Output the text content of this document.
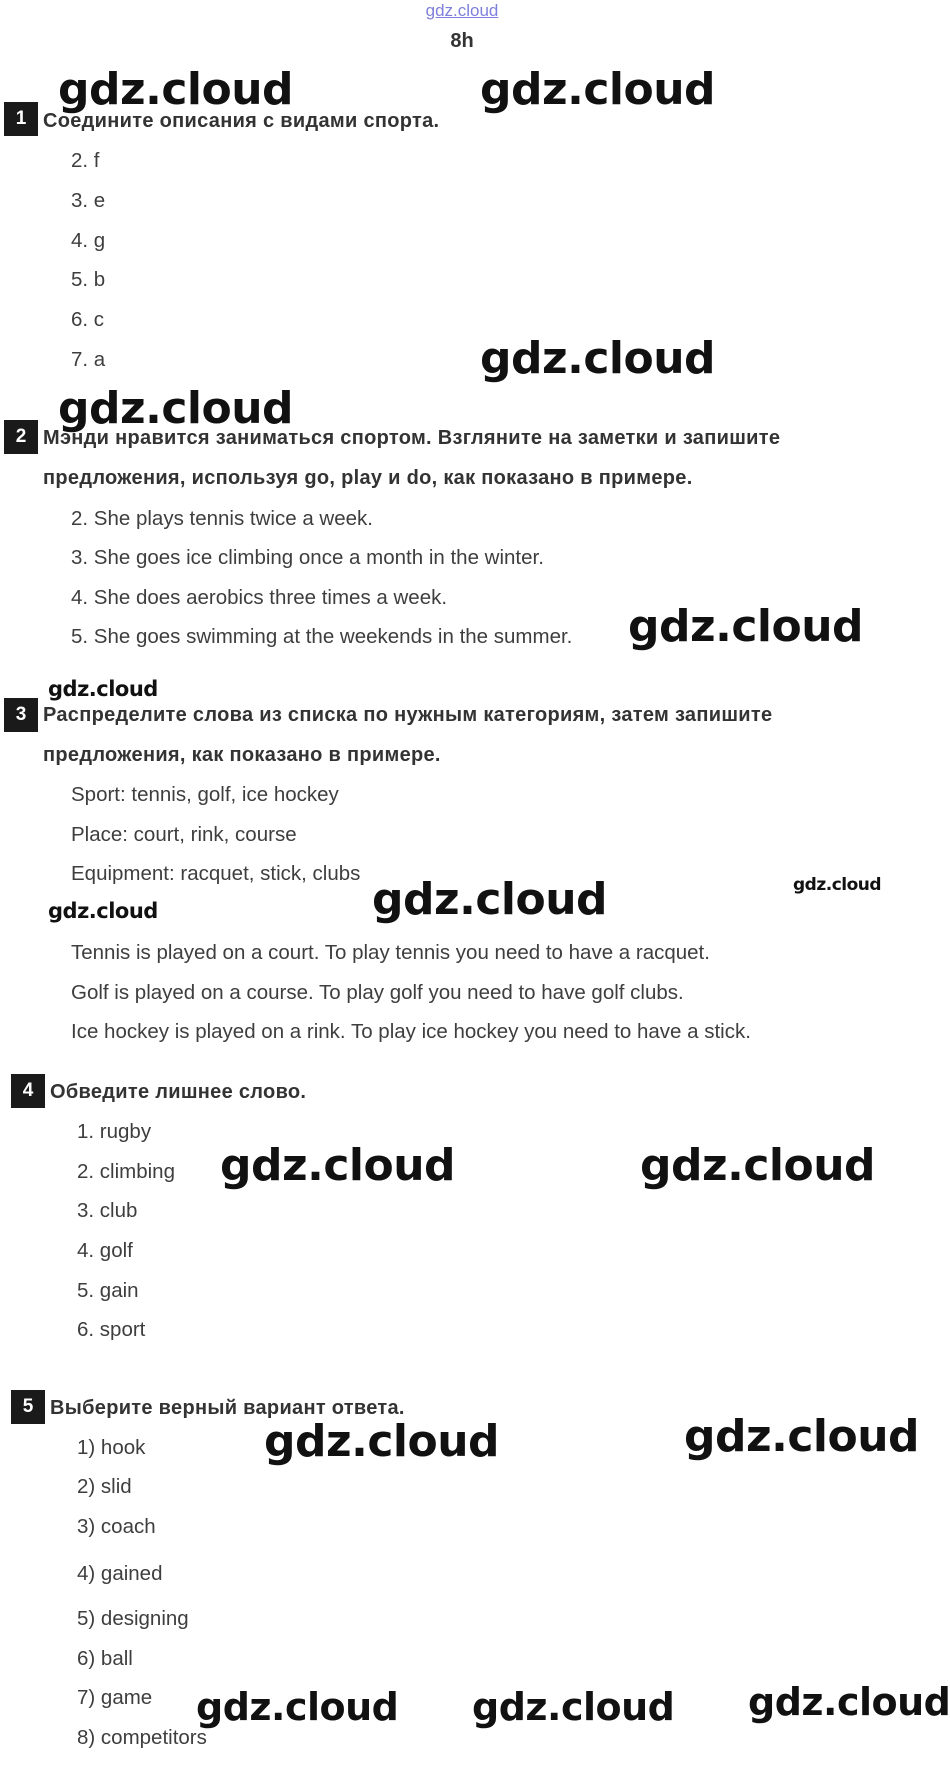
gdz.cloud
8h
1 Соедините описания с видами спорта.
2. f
3. e
4. g
5. b
6. c
7. a
2 Мэнди нравится заниматься спортом. Взгляните на заметки и запишите
предложения, используя go, play и do, как показано в примере.
2. She plays tennis twice a week.
3. She goes ice climbing once a month in the winter.
4. She does aerobics three times a week.
5. She goes swimming at the weekends in the summer.
3 Распределите слова из списка по нужным категориям, затем запишите
предложения, как показано в примере.
Sport: tennis, golf, ice hockey
Place: court, rink, course
Equipment: racquet, stick, clubs
Tennis is played on a court. To play tennis you need to have a racquet.
Golf is played on a course. To play golf you need to have golf clubs.
Ice hockey is played on a rink. To play ice hockey you need to have a stick.
4 Обведите лишнее слово.
1. rugby
2. climbing
3. club
4. golf
5. gain
6. sport
5 Выберите верный вариант ответа.
1) hook
2) slid
3) coach
4) gained
5) designing
6) ball
7) game
8) competitors
gdz.cloud	gdz.cloud
gdz.cloud
gdz.cloud
gdz.cloud
gdz.cloud
gdz.cloud
gdz.cloud	gdz.cloud
gdz.cloud	gdz.cloud
gdz.cloud	gdz.cloud
gdz.cloud gdz.cloud gdz.cloud
